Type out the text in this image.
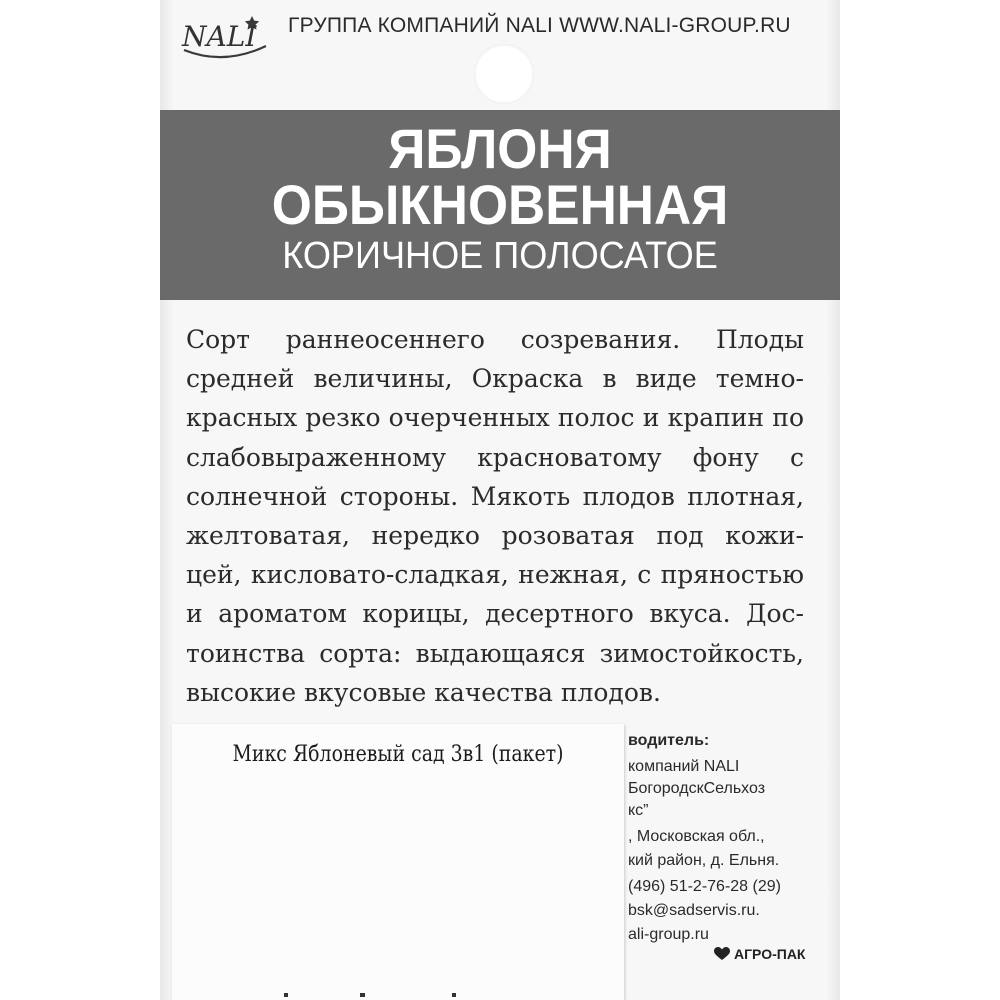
NALI ГРУППА КОМПАНИЙ NALI WWW.NALI-GROUP.RU
ЯБЛОНЯ
ОБЫКНОВЕННАЯ
КОРИЧНОЕ ПОЛОСАТОЕ

Сорт раннеосеннего созревания. Плоды средней величины, Окраска в виде темно-красных резко очерченных полос и крапин по слабовыраженному красноватому фону с солнечной стороны. Мякоть плодов плотная, желтоватая, нередко розоватая под кожи-цей, кисловато-сладкая, нежная, с пряностью и ароматом корицы, десертного вкуса. Дос-тоинства сорта: выдающаяся зимостойкость, высокие вкусовые качества плодов.

водитель:
компаний NALI
БогородскСельхоз
кс”
, Московская обл.,
кий район, д. Ельня.
(496) 51-2-76-28 (29)
bsk@sadservis.ru.
ali-group.ru
Микс Яблоневый сад 3в1 (пакет)
АГРО-ПАК
